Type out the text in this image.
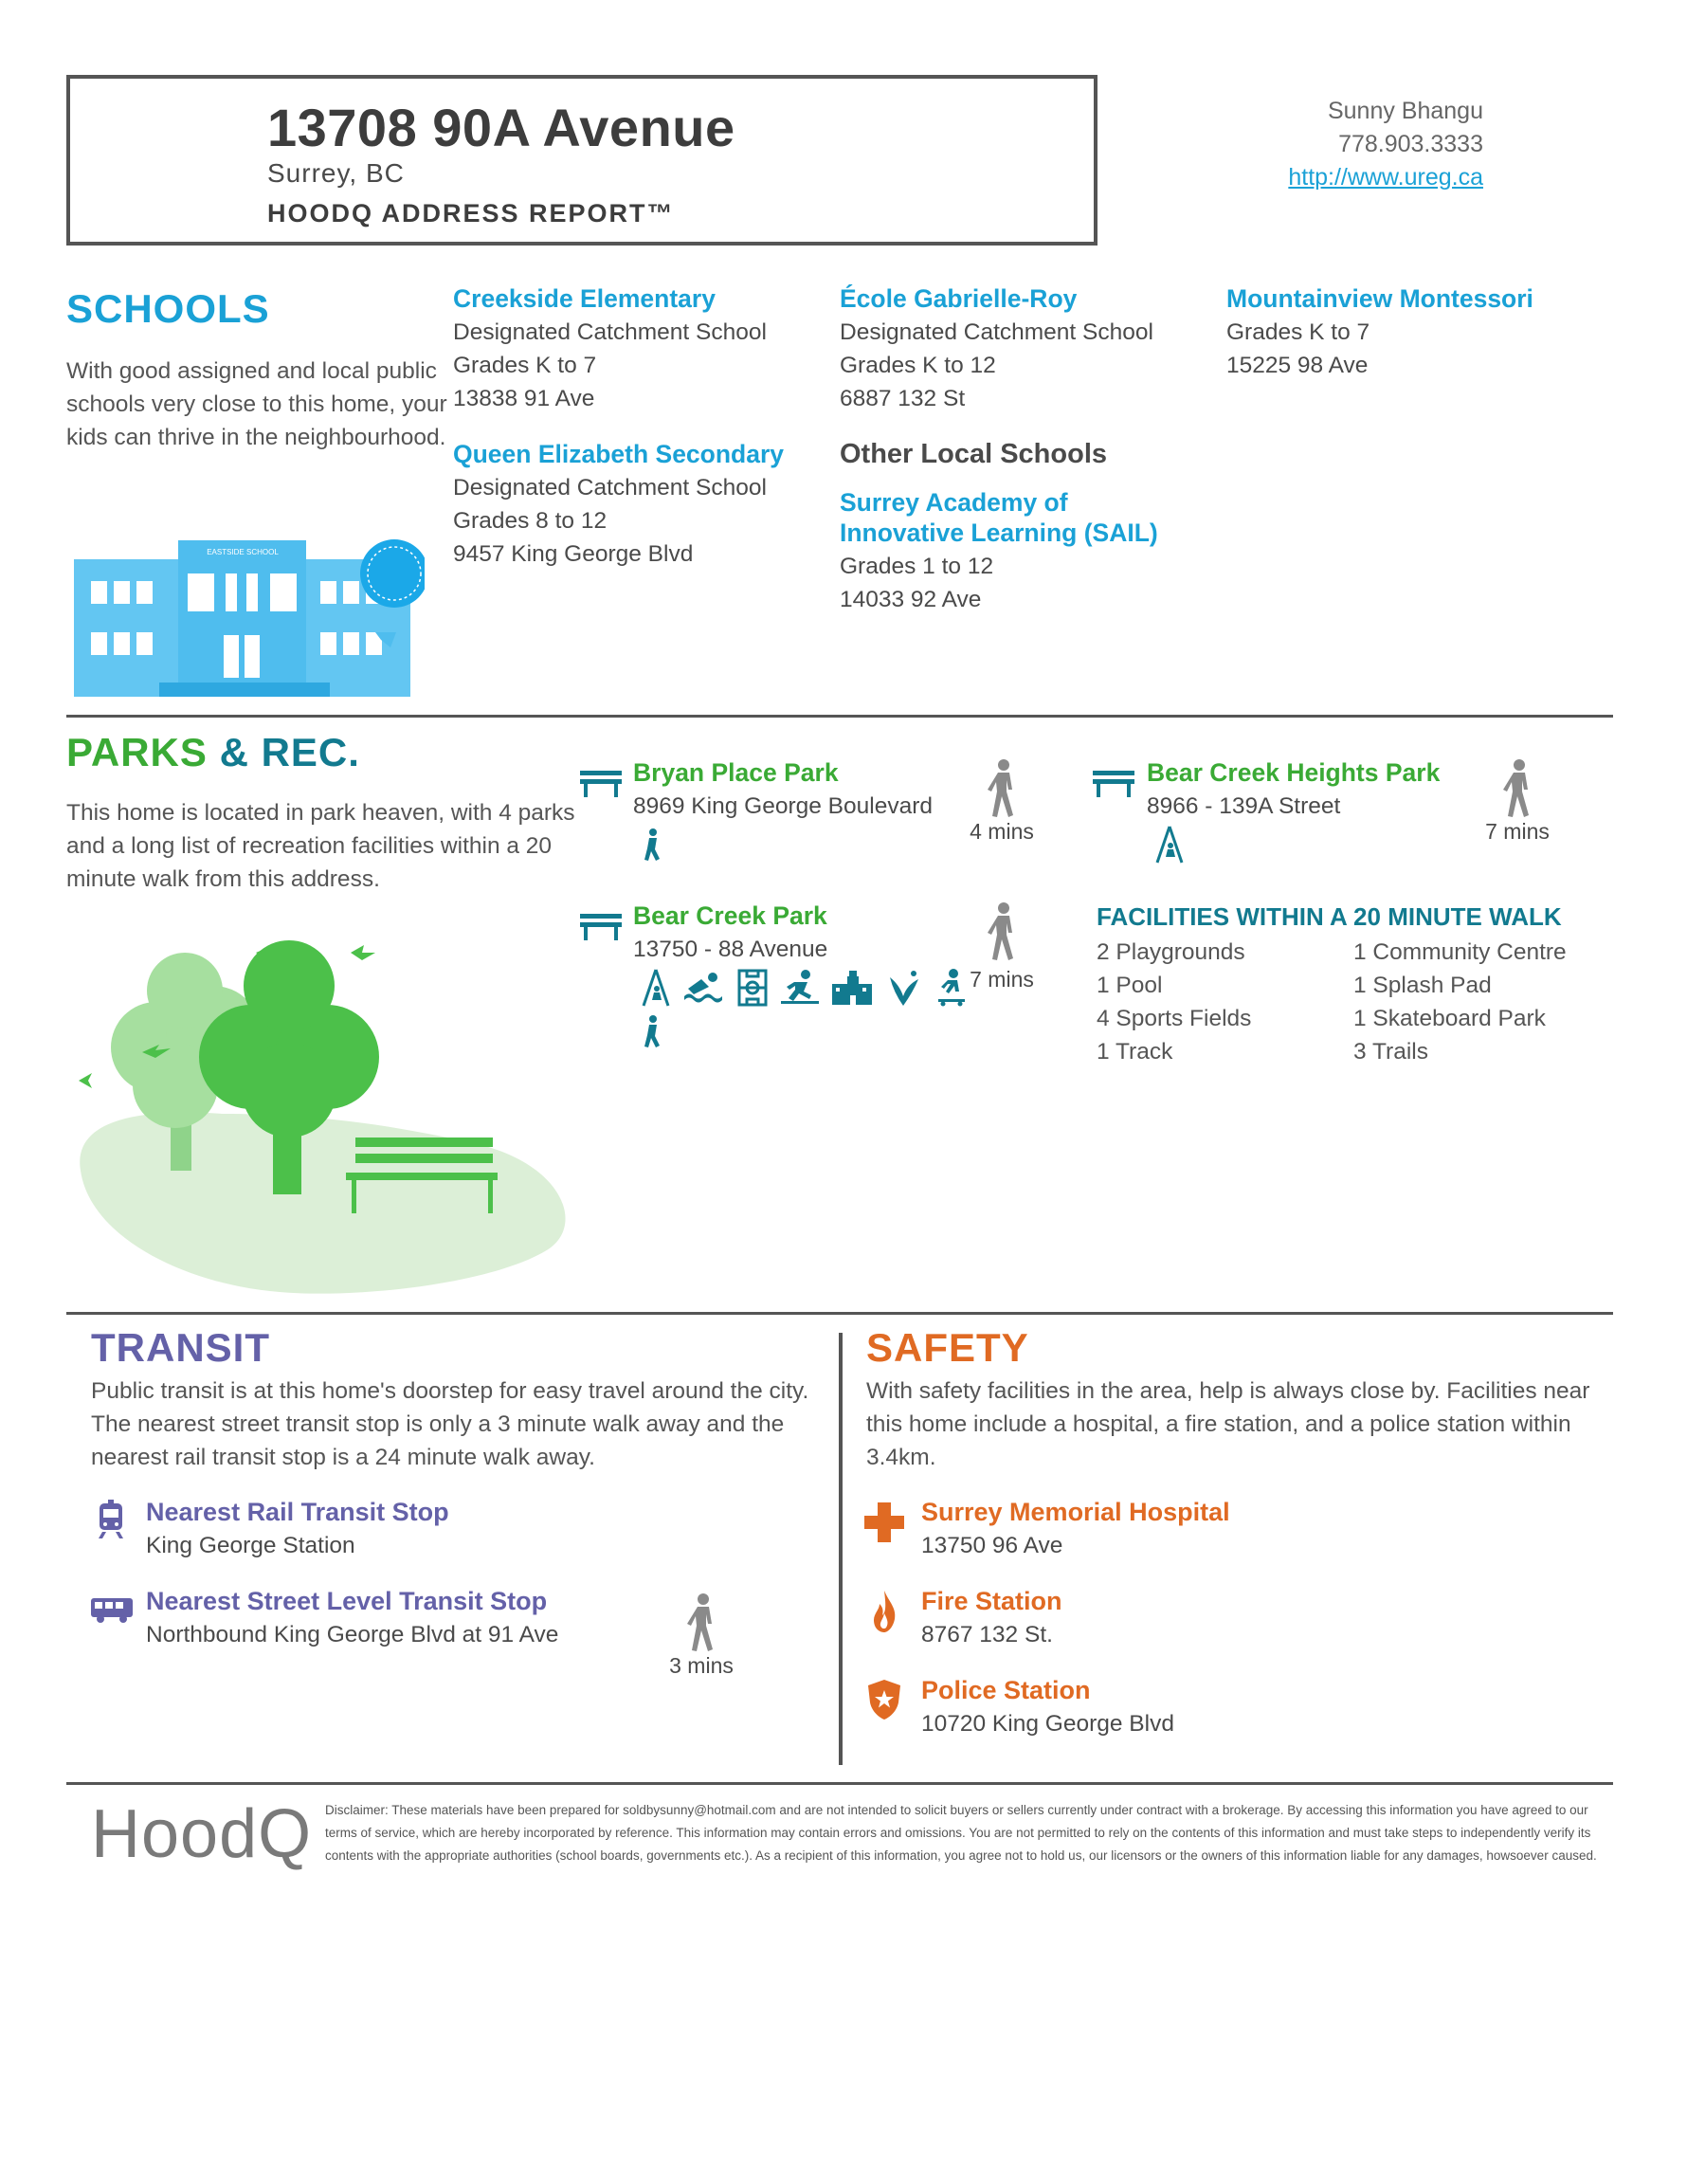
13708 90A Avenue
Surrey, BC
HOODQ ADDRESS REPORT™
Sunny Bhangu
778.903.3333
http://www.ureg.ca
SCHOOLS
With good assigned and local public schools very close to this home, your kids can thrive in the neighbourhood.
EASTSIDE SCHOOL
Creekside Elementary
Designated Catchment School
Grades K to 7
13838 91 Ave
École Gabrielle-Roy
Designated Catchment School
Grades K to 12
6887 132 St
Mountainview Montessori
Grades K to 7
15225 98 Ave
Queen Elizabeth Secondary
Designated Catchment School
Grades 8 to 12
9457 King George Blvd
Other Local Schools
Surrey Academy of
Innovative Learning (SAIL)
Grades 1 to 12
14033 92 Ave
PARKS & REC.
This home is located in park heaven, with 4 parks and a long list of recreation facilities within a 20 minute walk from this address.
Bryan Place Park
8969 King George Boulevard
4 mins
Bear Creek Heights Park
8966 - 139A Street
7 mins
Bear Creek Park
13750 - 88 Avenue
7 mins
FACILITIES WITHIN A 20 MINUTE WALK
2 Playgrounds
1 Pool
4 Sports Fields
1 Track
1 Community Centre
1 Splash Pad
1 Skateboard Park
3 Trails
TRANSIT
Public transit is at this home's doorstep for easy travel around the city. The nearest street transit stop is only a 3 minute walk away and the nearest rail transit stop is a 24 minute walk away.
Nearest Rail Transit Stop
King George Station
Nearest Street Level Transit Stop
Northbound King George Blvd at 91 Ave
3 mins
SAFETY
With safety facilities in the area, help is always close by. Facilities near this home include a hospital, a fire station, and a police station within 3.4km.
Surrey Memorial Hospital
13750 96 Ave
Fire Station
8767 132 St.
Police Station
10720 King George Blvd
HoodQ Disclaimer: These materials have been prepared for soldbysunny@hotmail.com and are not intended to solicit buyers or sellers currently under contract with a brokerage. By accessing this information you have agreed to our terms of service, which are hereby incorporated by reference. This information may contain errors and omissions. You are not permitted to rely on the contents of this information and must take steps to independently verify its contents with the appropriate authorities (school boards, governments etc.). As a recipient of this information, you agree not to hold us, our licensors or the owners of this information liable for any damages, howsoever caused.
